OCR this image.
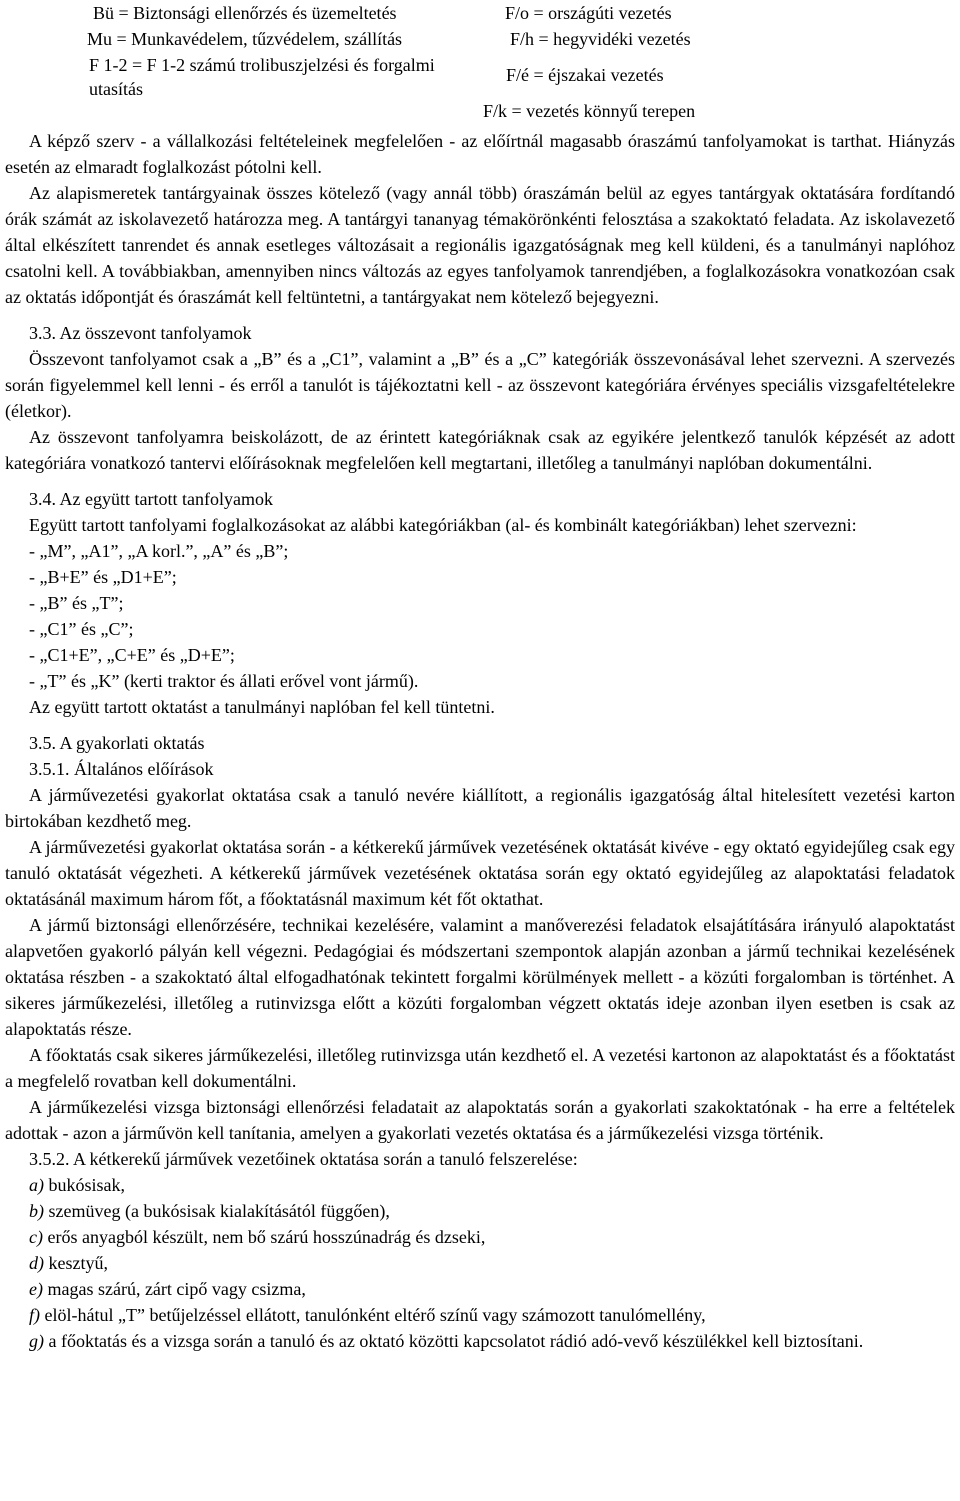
Bü = Biztonsági ellenőrzés és üzemeltetés
Mu = Munkavédelem, tűzvédelem, szállítás
F 1-2 = F 1-2 számú trolibuszjelzési és forgalmi
utasítás
F/o = országúti vezetés
F/h = hegyvidéki vezetés
F/é = éjszakai vezetés
F/k = vezetés könnyű terepen

A képző szerv - a vállalkozási feltételeinek megfelelően - az előírtnál magasabb óraszámú tanfolyamokat is tarthat. Hiányzás esetén az elmaradt foglalkozást pótolni kell.

Az alapismeretek tantárgyainak összes kötelező (vagy annál több) óraszámán belül az egyes tantárgyak oktatására fordítandó órák számát az iskolavezető határozza meg. A tantárgyi tananyag témakörönkénti felosztása a szakoktató feladata. Az iskolavezető által elkészített tanrendet és annak esetleges változásait a regionális igazgatóságnak meg kell küldeni, és a tanulmányi naplóhoz csatolni kell. A továbbiakban, amennyiben nincs változás az egyes tanfolyamok tanrendjében, a foglalkozásokra vonatkozóan csak az oktatás időpontját és óraszámát kell feltüntetni, a tantárgyakat nem kötelező bejegyezni.

3.3. Az összevont tanfolyamok

Összevont tanfolyamot csak a „B” és a „C1”, valamint a „B” és a „C” kategóriák összevonásával lehet szervezni. A szervezés során figyelemmel kell lenni - és erről a tanulót is tájékoztatni kell - az összevont kategóriára érvényes speciális vizsgafeltételekre (életkor).

Az összevont tanfolyamra beiskolázott, de az érintett kategóriáknak csak az egyikére jelentkező tanulók képzését az adott kategóriára vonatkozó tantervi előírásoknak megfelelően kell megtartani, illetőleg a tanulmányi naplóban dokumentálni.

3.4. Az együtt tartott tanfolyamok

Együtt tartott tanfolyami foglalkozásokat az alábbi kategóriákban (al- és kombinált kategóriákban) lehet szervezni:

- „M”, „A1”, „A korl.”, „A” és „B”;
- „B+E” és „D1+E”;
- „B” és „T”;
- „C1” és „C”;
- „C1+E”, „C+E” és „D+E”;
- „T” és „K” (kerti traktor és állati erővel vont jármű).

Az együtt tartott oktatást a tanulmányi naplóban fel kell tüntetni.

3.5. A gyakorlati oktatás

3.5.1. Általános előírások

A járművezetési gyakorlat oktatása csak a tanuló nevére kiállított, a regionális igazgatóság által hitelesített vezetési karton birtokában kezdhető meg.

A járművezetési gyakorlat oktatása során - a kétkerekű járművek vezetésének oktatását kivéve - egy oktató egyidejűleg csak egy tanuló oktatását végezheti. A kétkerekű járművek vezetésének oktatása során egy oktató egyidejűleg az alapoktatási feladatok oktatásánál maximum három főt, a főoktatásnál maximum két főt oktathat.

A jármű biztonsági ellenőrzésére, technikai kezelésére, valamint a manőverezési feladatok elsajátítására irányuló alapoktatást alapvetően gyakorló pályán kell végezni. Pedagógiai és módszertani szempontok alapján azonban a jármű technikai kezelésének oktatása részben - a szakoktató által elfogadhatónak tekintett forgalmi körülmények mellett - a közúti forgalomban is történhet. A sikeres járműkezelési, illetőleg a rutinvizsga előtt a közúti forgalomban végzett oktatás ideje azonban ilyen esetben is csak az alapoktatás része.

A főoktatás csak sikeres járműkezelési, illetőleg rutinvizsga után kezdhető el. A vezetési kartonon az alapoktatást és a főoktatást a megfelelő rovatban kell dokumentálni.

A járműkezelési vizsga biztonsági ellenőrzési feladatait az alapoktatás során a gyakorlati szakoktatónak - ha erre a feltételek adottak - azon a járművön kell tanítania, amelyen a gyakorlati vezetés oktatása és a járműkezelési vizsga történik.

3.5.2. A kétkerekű járművek vezetőinek oktatása során a tanuló felszerelése:

a) bukósisak,
b) szemüveg (a bukósisak kialakításától függően),
c) erős anyagból készült, nem bő szárú hosszúnadrág és dzseki,
d) kesztyű,
e) magas szárú, zárt cipő vagy csizma,
f) elöl-hátul „T” betűjelzéssel ellátott, tanulónként eltérő színű vagy számozott tanulómellény,
g) a főoktatás és a vizsga során a tanuló és az oktató közötti kapcsolatot rádió adó-vevő készülékkel kell biztosítani.
